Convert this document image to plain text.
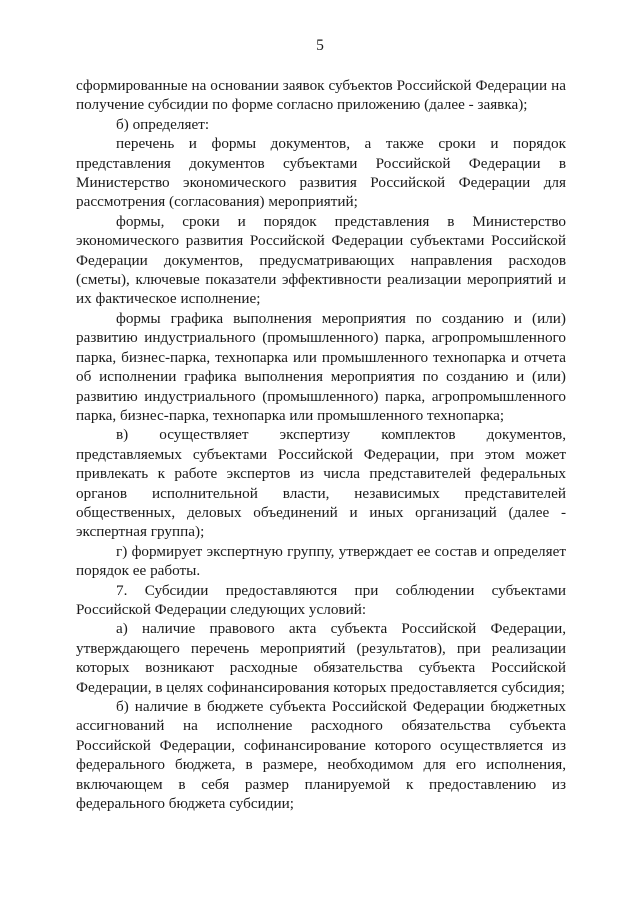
5

сформированные на основании заявок субъектов Российской Федерации на получение субсидии по форме согласно приложению (далее - заявка);

б) определяет:

перечень и формы документов, а также сроки и порядок представления документов субъектами Российской Федерации в Министерство экономического развития Российской Федерации для рассмотрения (согласования) мероприятий;

формы, сроки и порядок представления в Министерство экономического развития Российской Федерации субъектами Российской Федерации документов, предусматривающих направления расходов (сметы), ключевые показатели эффективности реализации мероприятий и их фактическое исполнение;

формы графика выполнения мероприятия по созданию и (или) развитию индустриального (промышленного) парка, агропромышленного парка, бизнес-парка, технопарка или промышленного технопарка и отчета об исполнении графика выполнения мероприятия по созданию и (или) развитию индустриального (промышленного) парка, агропромышленного парка, бизнес-парка, технопарка или промышленного технопарка;

в) осуществляет экспертизу комплектов документов, представляемых субъектами Российской Федерации, при этом может привлекать к работе экспертов из числа представителей федеральных органов исполнительной власти, независимых представителей общественных, деловых объединений и иных организаций (далее - экспертная группа);

г) формирует экспертную группу, утверждает ее состав и определяет порядок ее работы.

7. Субсидии предоставляются при соблюдении субъектами Российской Федерации следующих условий:

а) наличие правового акта субъекта Российской Федерации, утверждающего перечень мероприятий (результатов), при реализации которых возникают расходные обязательства субъекта Российской Федерации, в целях софинансирования которых предоставляется субсидия;

б) наличие в бюджете субъекта Российской Федерации бюджетных ассигнований на исполнение расходного обязательства субъекта Российской Федерации, софинансирование которого осуществляется из федерального бюджета, в размере, необходимом для его исполнения, включающем в себя размер планируемой к предоставлению из федерального бюджета субсидии;
